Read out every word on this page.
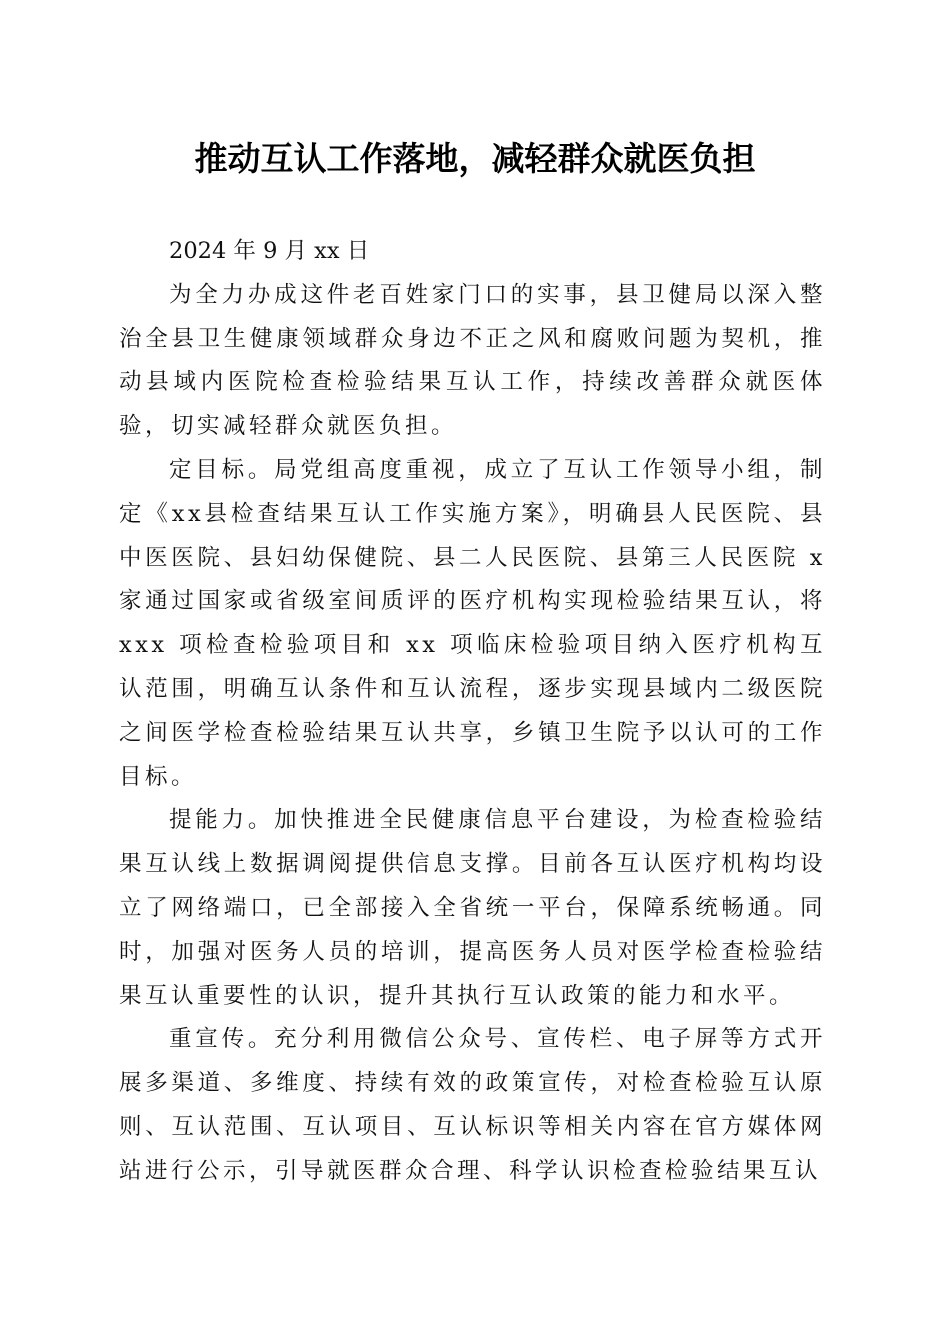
推动互认工作落地，减轻群众就医负担

2024 年 9 月 xx 日

为全力办成这件老百姓家门口的实事，县卫健局以深入整治全县卫生健康领域群众身边不正之风和腐败问题为契机，推动县域内医院检查检验结果互认工作，持续改善群众就医体验，切实减轻群众就医负担。

定目标。局党组高度重视，成立了互认工作领导小组，制定《xx县检查结果互认工作实施方案》，明确县人民医院、县中医医院、县妇幼保健院、县二人民医院、县第三人民医院 x 家通过国家或省级室间质评的医疗机构实现检验结果互认，将 xxx 项检查检验项目和 xx 项临床检验项目纳入医疗机构互认范围，明确互认条件和互认流程，逐步实现县域内二级医院之间医学检查检验结果互认共享，乡镇卫生院予以认可的工作目标。

提能力。加快推进全民健康信息平台建设，为检查检验结果互认线上数据调阅提供信息支撑。目前各互认医疗机构均设立了网络端口，已全部接入全省统一平台，保障系统畅通。同时，加强对医务人员的培训，提高医务人员对医学检查检验结果互认重要性的认识，提升其执行互认政策的能力和水平。

重宣传。充分利用微信公众号、宣传栏、电子屏等方式开展多渠道、多维度、持续有效的政策宣传，对检查检验互认原则、互认范围、互认项目、互认标识等相关内容在官方媒体网站进行公示，引导就医群众合理、科学认识检查检验结果互认
